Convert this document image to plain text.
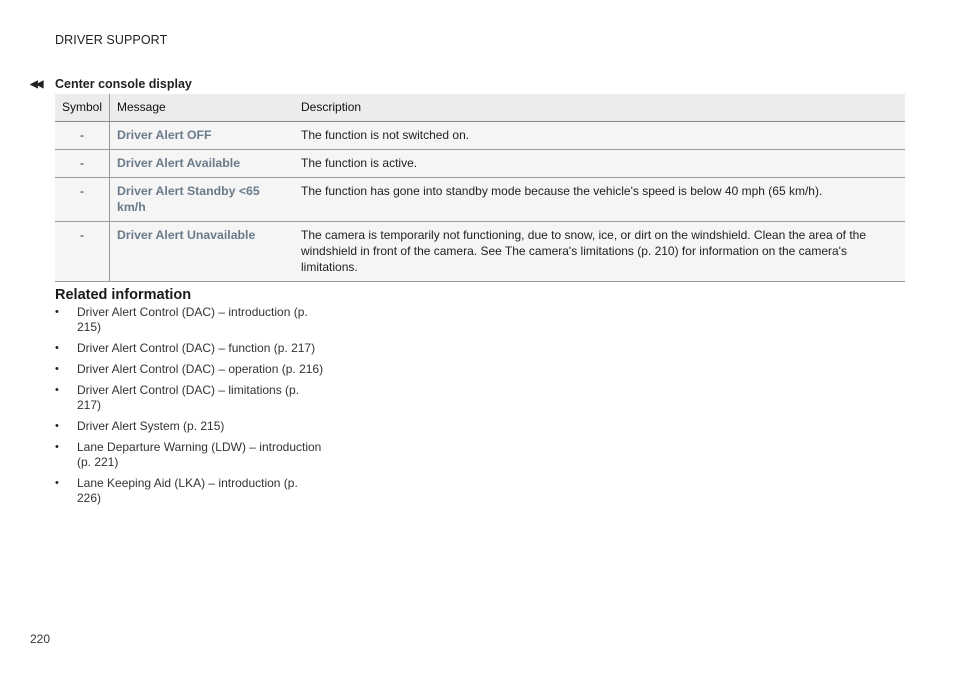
DRIVER SUPPORT
◀◀	Center console display
Symbol	Message	Description
-	Driver Alert OFF	The function is not switched on.
-	Driver Alert Available	The function is active.
-	Driver Alert Standby <65 km/h	The function has gone into standby mode because the vehicle's speed is below 40 mph (65 km/h).
-	Driver Alert Unavailable	The camera is temporarily not functioning, due to snow, ice, or dirt on the windshield. Clean the area of the windshield in front of the camera. See The camera's limitations (p. 210) for information on the camera's limitations.
Related information
•	Driver Alert Control (DAC) – introduction (p. 215)
•	Driver Alert Control (DAC) – function (p. 217)
•	Driver Alert Control (DAC) – operation (p. 216)
•	Driver Alert Control (DAC) – limitations (p. 217)
•	Driver Alert System (p. 215)
•	Lane Departure Warning (LDW) – introduction (p. 221)
•	Lane Keeping Aid (LKA) – introduction (p. 226)
220
